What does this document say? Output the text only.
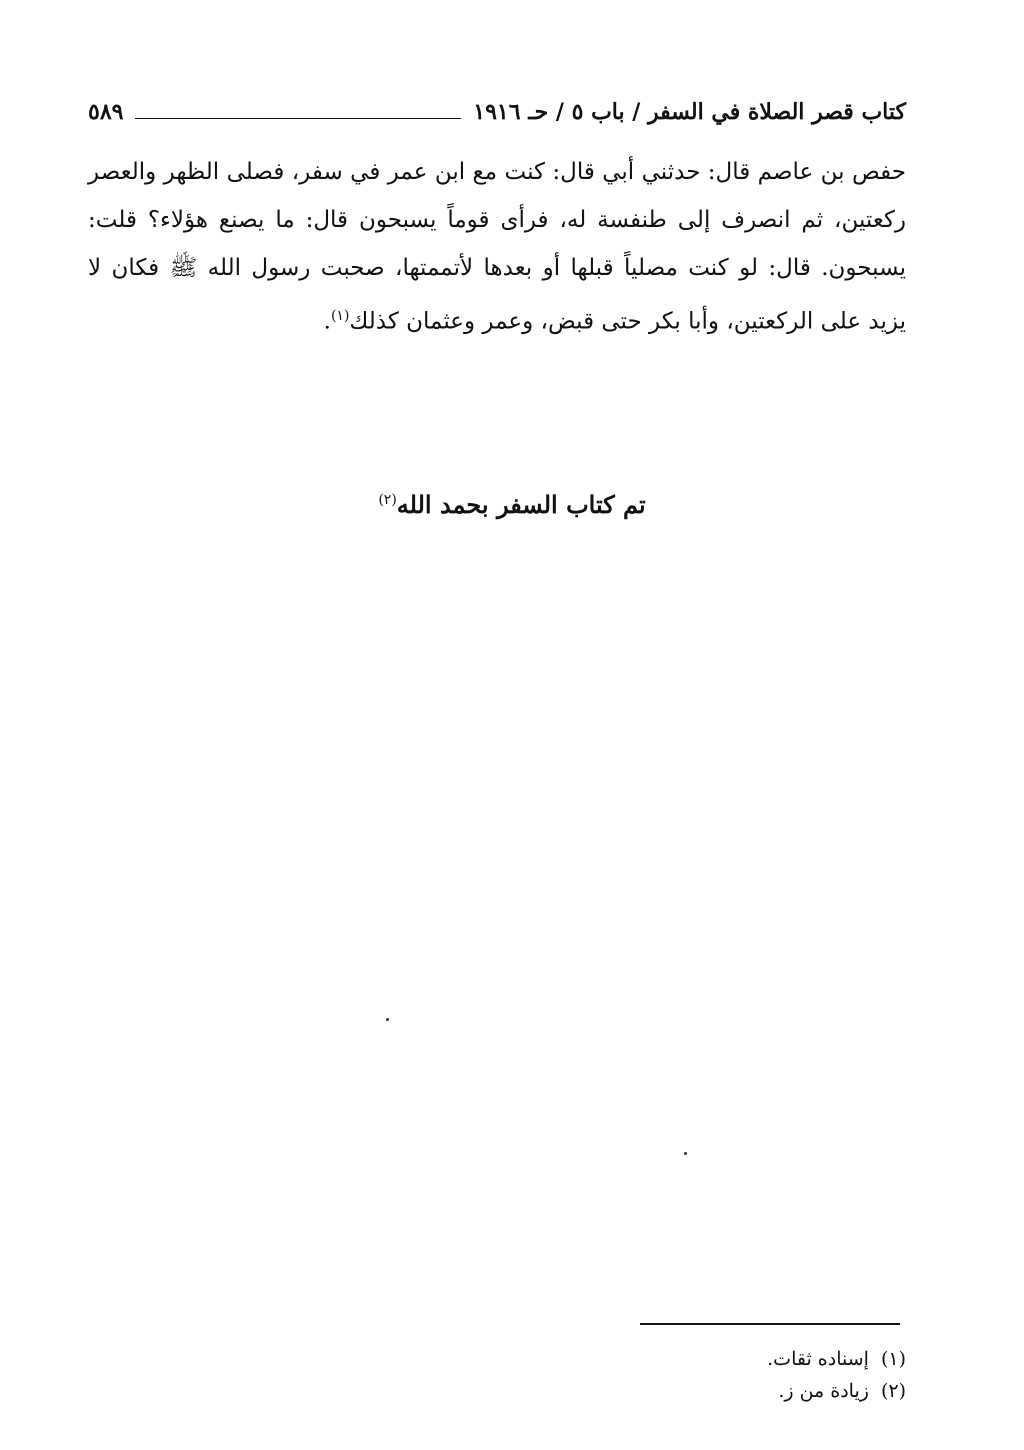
كتاب قصر الصلاة في السفر / باب ٥ / حـ ١٩١٦
٥٨٩

حفص بن عاصم قال: حدثني أبي قال: كنت مع ابن عمر في سفر، فصلى الظهر والعصر ركعتين، ثم انصرف إلى طنفسة له، فرأى قوماً يسبحون قال: ما يصنع هؤلاء؟ قلت: يسبحون. قال: لو كنت مصلياً قبلها أو بعدها لأتممتها، صحبت رسول الله ﷺ فكان لا يزيد على الركعتين، وأبا بكر حتى قبض، وعمر وعثمان كذلك$^{(١)}$.

تم كتاب السفر بحمد الله$^{(٢)}$
(١)
إسناده ثقات.
(٢)
زيادة من ز.
